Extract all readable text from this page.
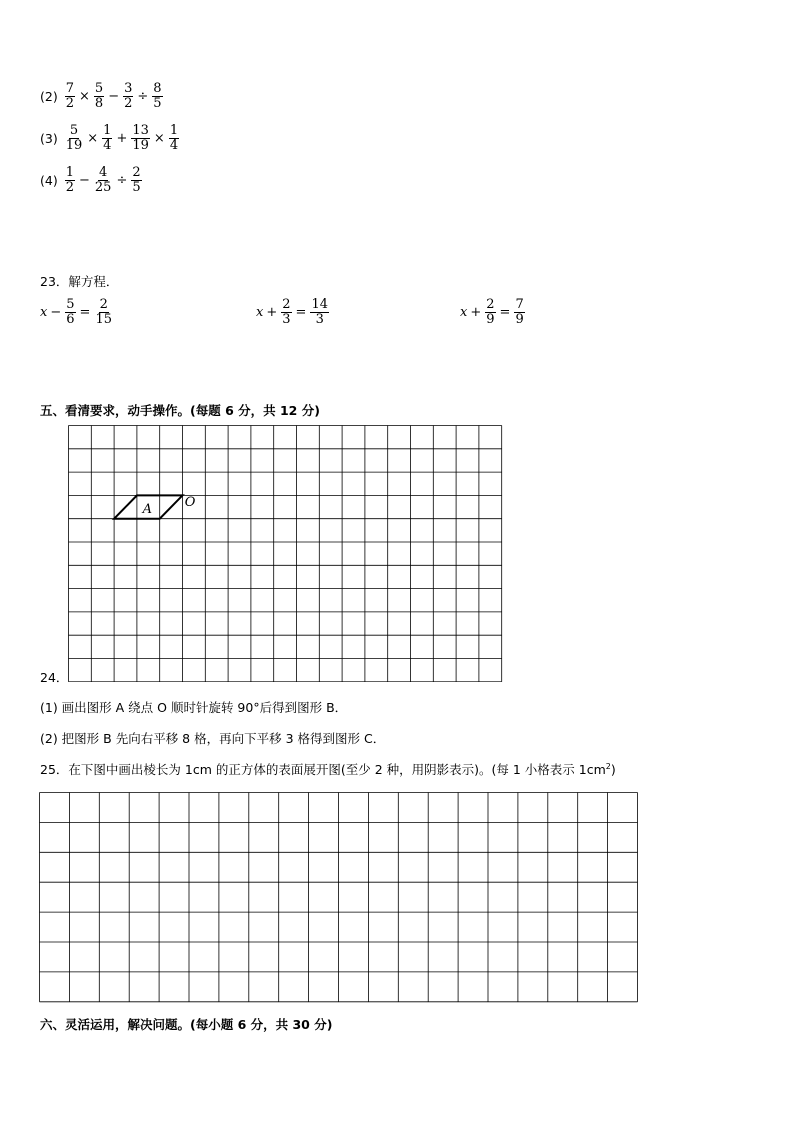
$(2) \frac{7}{2} \times \frac{5}{8} - \frac{3}{2} \div \frac{8}{5}$
$(3) \frac{5}{19} \times \frac{1}{4} + \frac{13}{19} \times \frac{1}{4}$
$(4) \frac{1}{2} - \frac{4}{25} \div \frac{2}{5}$
23．解方程．
$x - \frac{5}{6} = \frac{2}{15}$	$x + \frac{2}{3} = \frac{14}{3}$	$x + \frac{2}{9} = \frac{7}{9}$
五、看清要求，动手操作。(每题 6 分，共 12 分)
A	O
24．
(1) 画出图形 A 绕点 O 顺时针旋转 90°后得到图形 B．
(2) 把图形 B 先向右平移 8 格，再向下平移 3 格得到图形 C．
25．在下图中画出棱长为 1cm 的正方体的表面展开图(至少 2 种，用阴影表示)。(每 1 小格表示 $1cm^2$)
六、灵活运用，解决问题。(每小题 6 分，共 30 分)
